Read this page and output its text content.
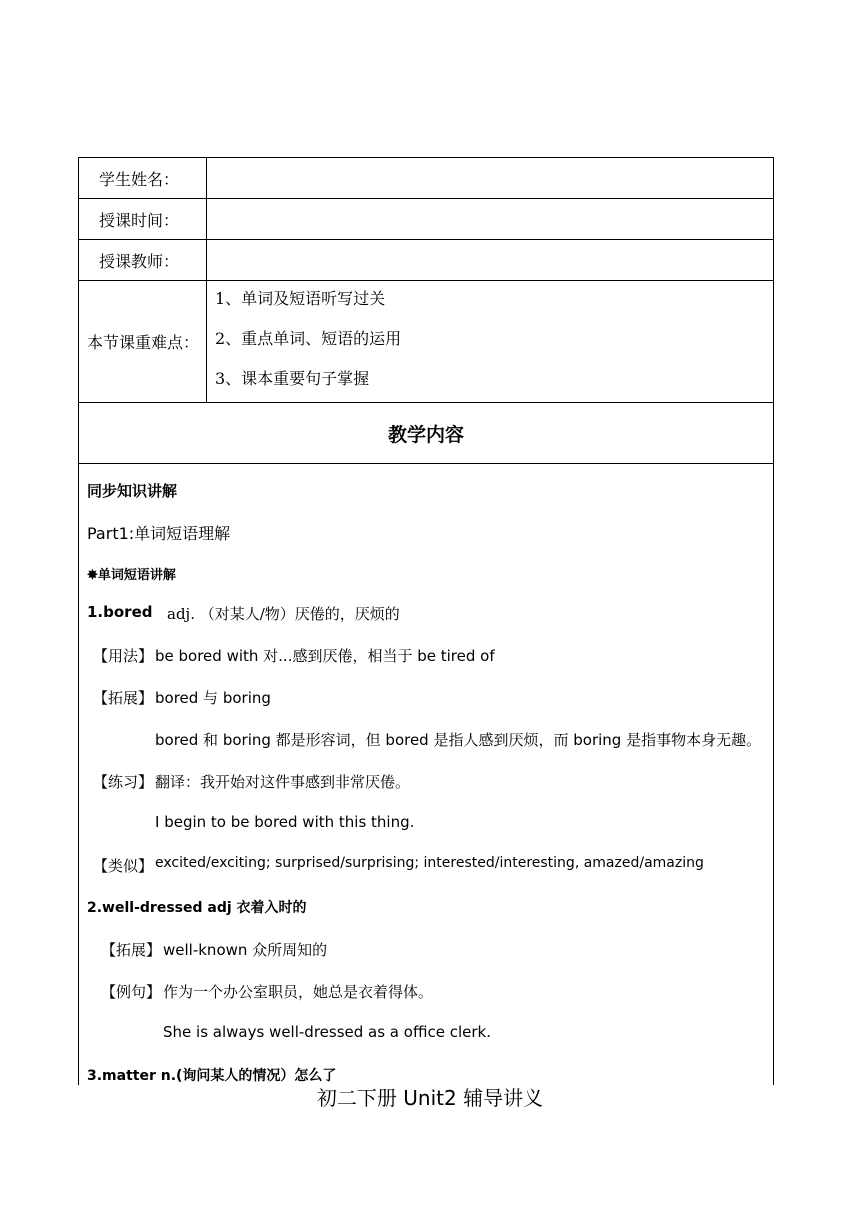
学生姓名：
授课时间：
授课教师：
本节课重难点：
1、单词及短语听写过关
2、重点单词、短语的运用
3、课本重要句子掌握
教学内容
同步知识讲解
Part1:单词短语理解
✸单词短语讲解
1.bored adj. （对某人/物）厌倦的，厌烦的
【用法】 be bored with 对...感到厌倦，相当于 be tired of
【拓展】 bored 与 boring
bored 和 boring 都是形容词，但 bored 是指人感到厌烦，而 boring 是指事物本身无趣。
【练习】 翻译：我开始对这件事感到非常厌倦。
I begin to be bored with this thing.
【类似】 excited/exciting; surprised/surprising; interested/interesting, amazed/amazing
2.well-dressed adj 衣着入时的
【拓展】 well-known 众所周知的
【例句】 作为一个办公室职员，她总是衣着得体。
She is always well-dressed as a office clerk.
3.matter n.(询问某人的情况）怎么了
初二下册 Unit2 辅导讲义
